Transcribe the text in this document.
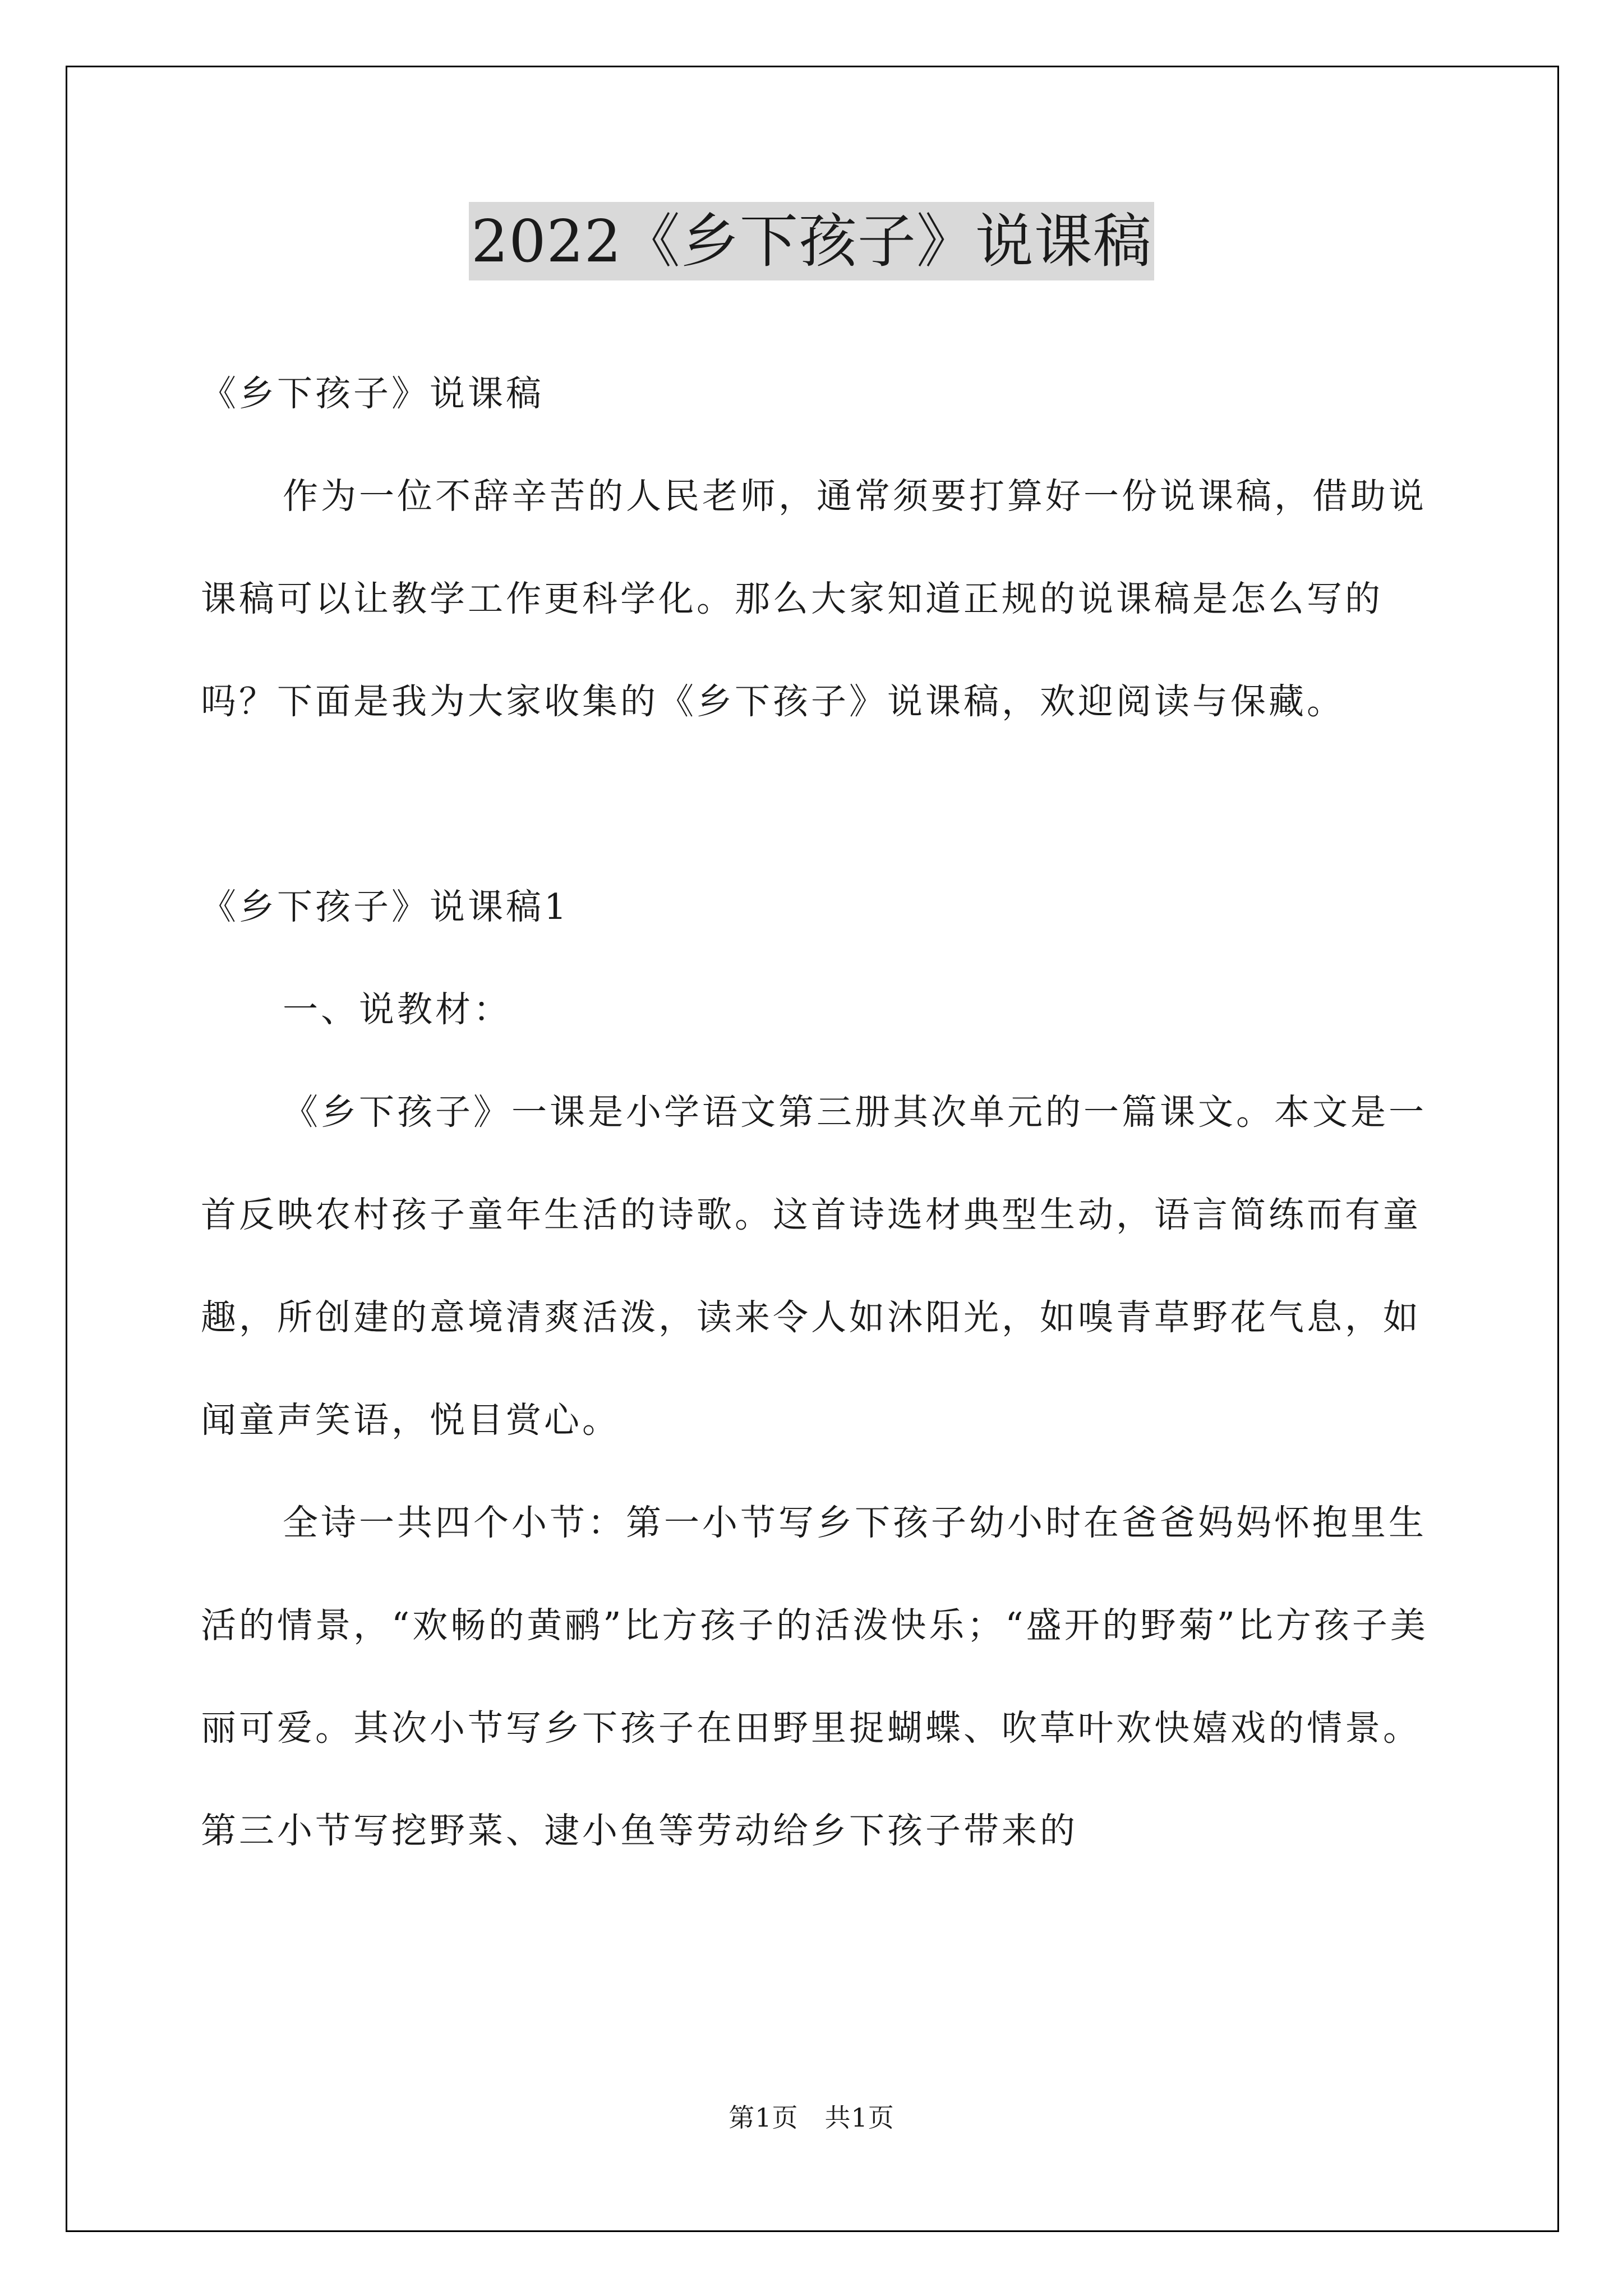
2022《乡下孩子》说课稿

《乡下孩子》说课稿

作为一位不辞辛苦的人民老师，通常须要打算好一份说课稿，借助说课稿可以让教学工作更科学化。那么大家知道正规的说课稿是怎么写的吗？下面是我为大家收集的《乡下孩子》说课稿，欢迎阅读与保藏。

《乡下孩子》说课稿1

一、说教材：

《乡下孩子》一课是小学语文第三册其次单元的一篇课文。本文是一首反映农村孩子童年生活的诗歌。这首诗选材典型生动，语言简练而有童趣，所创建的意境清爽活泼，读来令人如沐阳光，如嗅青草野花气息，如闻童声笑语，悦目赏心。

全诗一共四个小节：第一小节写乡下孩子幼小时在爸爸妈妈怀抱里生活的情景，“欢畅的黄鹂”比方孩子的活泼快乐；“盛开的野菊”比方孩子美丽可爱。其次小节写乡下孩子在田野里捉蝴蝶、吹草叶欢快嬉戏的情景。第三小节写挖野菜、逮小鱼等劳动给乡下孩子带来的

第1页　共1页
